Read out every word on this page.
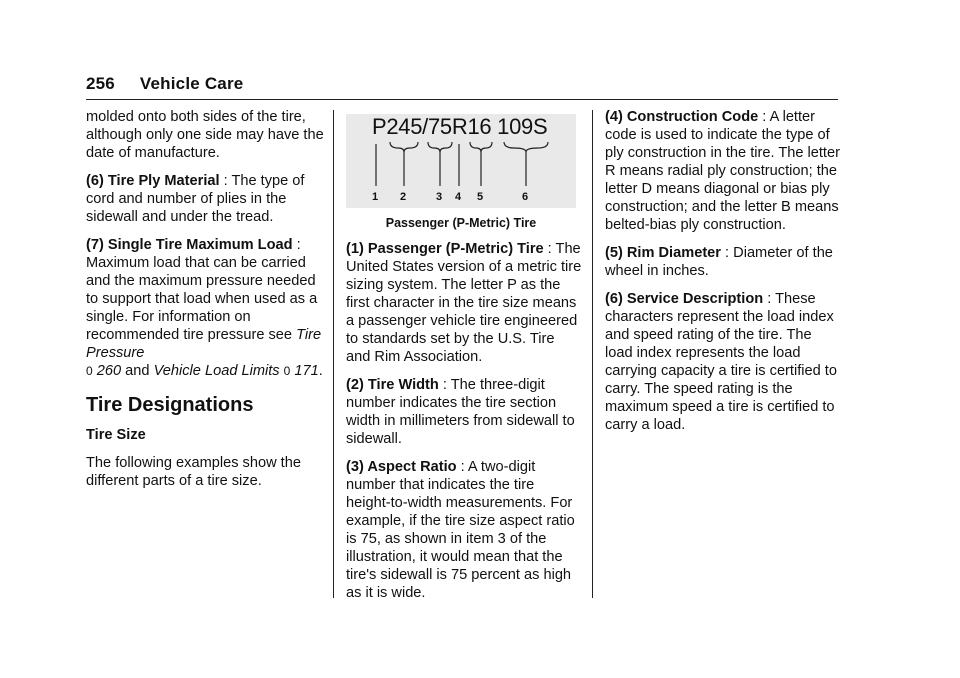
256 Vehicle Care

molded onto both sides of the tire, although only one side may have the date of manufacture.

(6) Tire Ply Material : The type of cord and number of plies in the sidewall and under the tread.

(7) Single Tire Maximum Load : Maximum load that can be carried and the maximum pressure needed to support that load when used as a single. For information on recommended tire pressure see Tire Pressure
0 260 and Vehicle Load Limits 0 171.

Tire Designations
Tire Size

The following examples show the different parts of a tire size.

P245/75R16 109S
1 2	3 4 5	6
Passenger (P-Metric) Tire

(1) Passenger (P-Metric) Tire : The United States version of a metric tire sizing system. The letter P as the first character in the tire size means a passenger vehicle tire engineered to standards set by the U.S. Tire and Rim Association.

(2) Tire Width : The three-digit number indicates the tire section width in millimeters from sidewall to sidewall.

(3) Aspect Ratio : A two-digit number that indicates the tire height-to-width measurements. For example, if the tire size aspect ratio is 75, as shown in item 3 of the illustration, it would mean that the tire's sidewall is 75 percent as high as it is wide.

(4) Construction Code : A letter code is used to indicate the type of ply construction in the tire. The letter R means radial ply construction; the letter D means diagonal or bias ply construction; and the letter B means belted-bias ply construction.

(5) Rim Diameter : Diameter of the wheel in inches.

(6) Service Description : These characters represent the load index and speed rating of the tire. The load index represents the load carrying capacity a tire is certified to carry. The speed rating is the maximum speed a tire is certified to carry a load.
